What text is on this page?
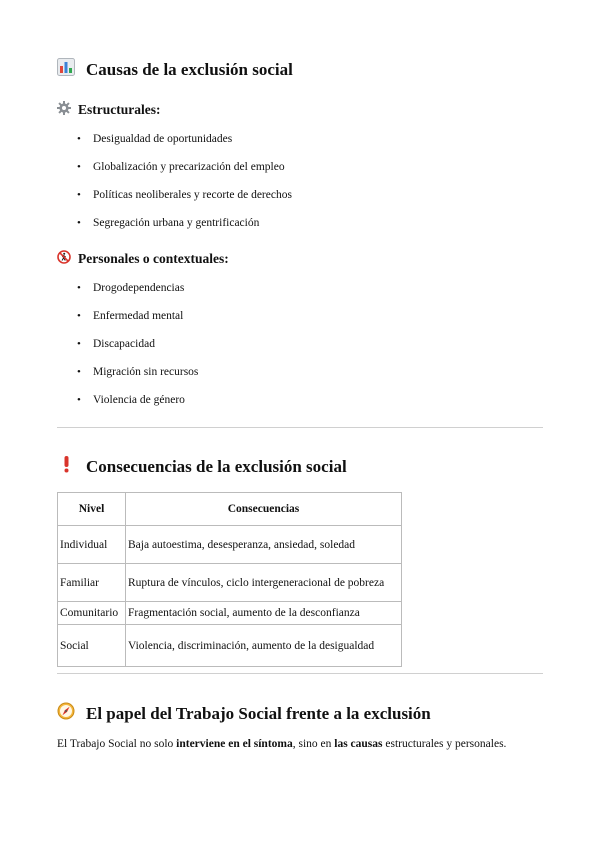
Causas de la exclusión social
Estructurales:
• Desigualdad de oportunidades
• Globalización y precarización del empleo
• Políticas neoliberales y recorte de derechos
• Segregación urbana y gentrificación
Personales o contextuales:
• Drogodependencias
• Enfermedad mental
• Discapacidad
• Migración sin recursos
• Violencia de género
Consecuencias de la exclusión social
Nivel	Consecuencias
Individual	Baja autoestima, desesperanza, ansiedad, soledad
Familiar	Ruptura de vínculos, ciclo intergeneracional de pobreza
Comunitario	Fragmentación social, aumento de la desconfianza
Social	Violencia, discriminación, aumento de la desigualdad
El papel del Trabajo Social frente a la exclusión

El Trabajo Social no solo interviene en el síntoma, sino en las causas estructurales y personales.
